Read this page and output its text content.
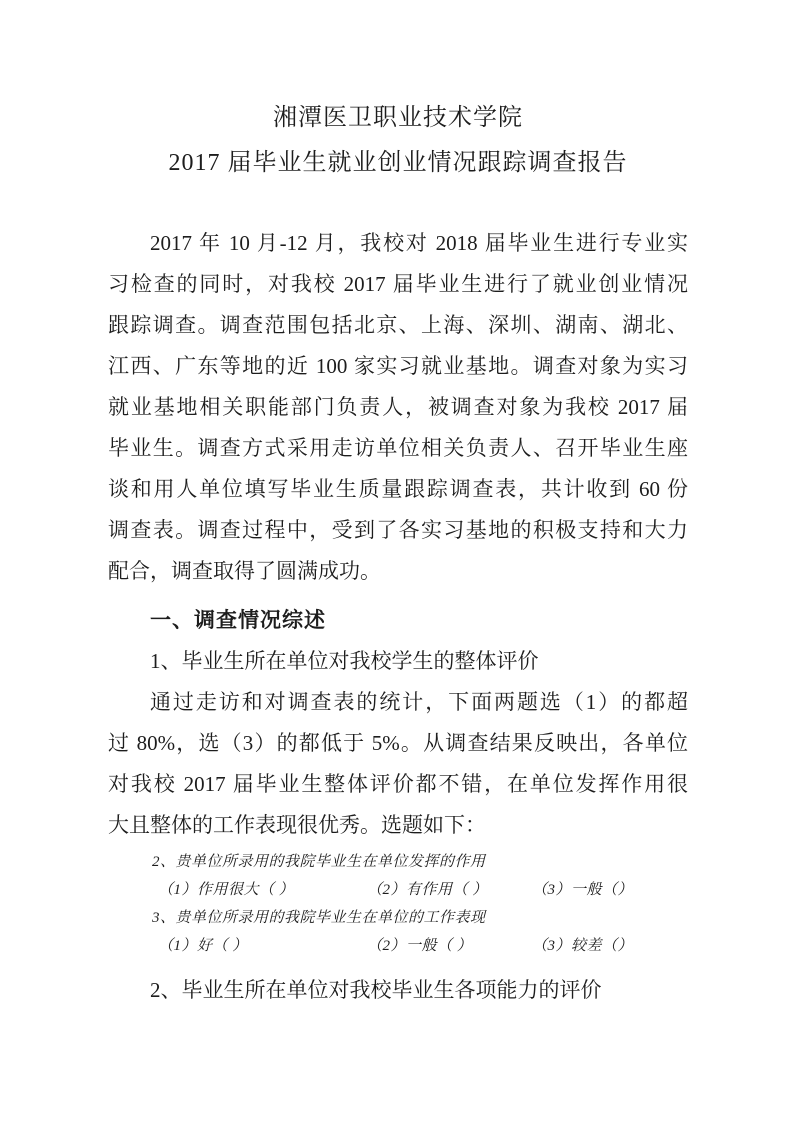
湘潭医卫职业技术学院
2017 届毕业生就业创业情况跟踪调查报告
2017 年 10 月-12 月，我校对 2018 届毕业生进行专业实
习检查的同时，对我校 2017 届毕业生进行了就业创业情况
跟踪调查。调查范围包括北京、上海、深圳、湖南、湖北、
江西、广东等地的近 100 家实习就业基地。调查对象为实习
就业基地相关职能部门负责人，被调查对象为我校 2017 届
毕业生。调查方式采用走访单位相关负责人、召开毕业生座
谈和用人单位填写毕业生质量跟踪调查表，共计收到 60 份
调查表。调查过程中，受到了各实习基地的积极支持和大力
配合，调查取得了圆满成功。
一、调查情况综述
1、毕业生所在单位对我校学生的整体评价
通过走访和对调查表的统计，下面两题选（1）的都超
过 80%，选（3）的都低于 5%。从调查结果反映出，各单位
对我校 2017 届毕业生整体评价都不错，在单位发挥作用很
大且整体的工作表现很优秀。选题如下：
2、贵单位所录用的我院毕业生在单位发挥的作用
（1）作用很大（ ）	（2）有作用（ ）	（3）一般（）
3、贵单位所录用的我院毕业生在单位的工作表现
（1）好（ ）	（2）一般（ ）	（3）较差（）
2、毕业生所在单位对我校毕业生各项能力的评价
